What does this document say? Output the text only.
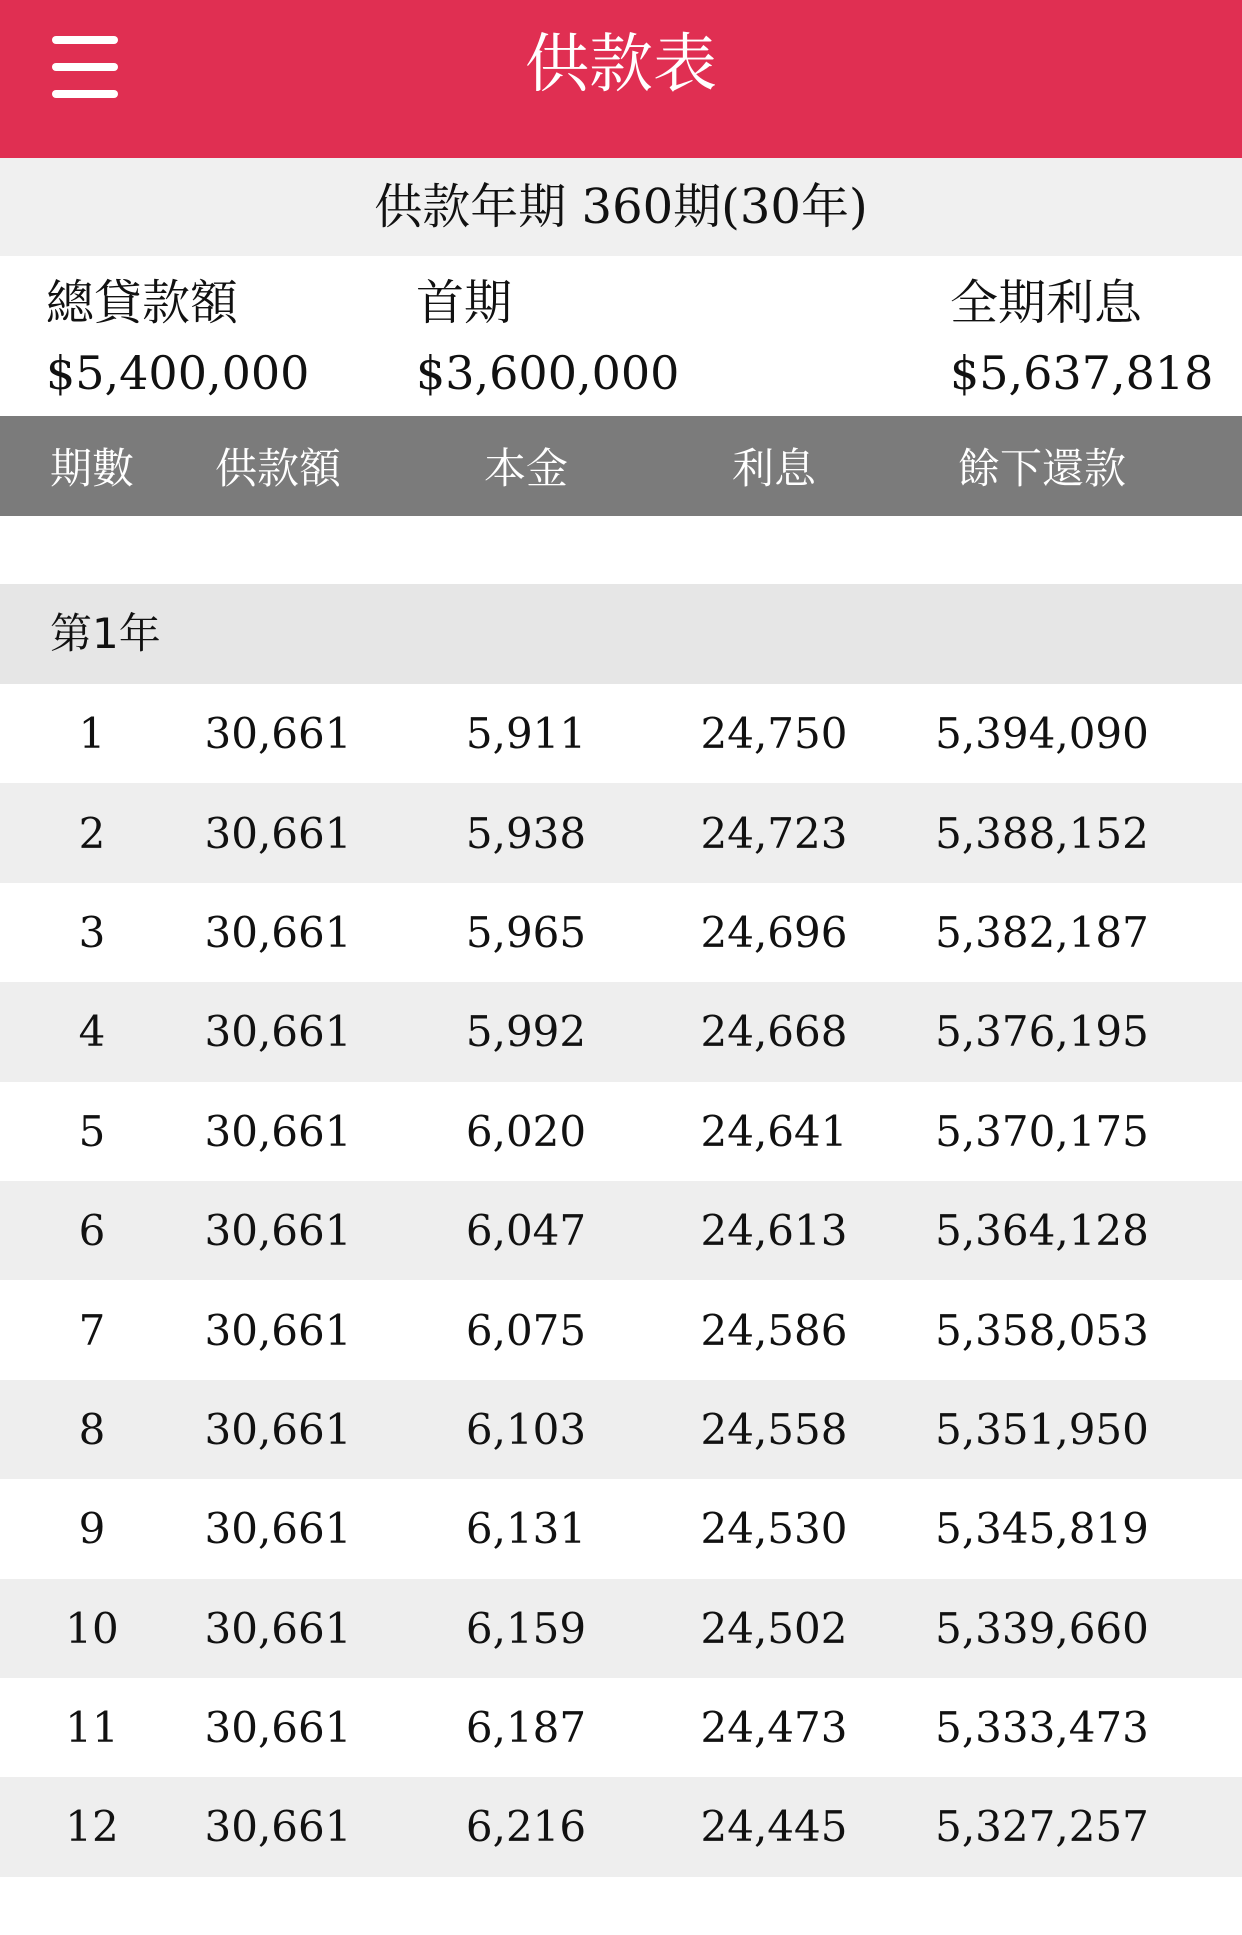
供款表
供款年期 360期(30年)
總貸款額
$5,400,000
首期
$3,600,000
全期利息
$5,637,818
期數	供款額	本金	利息	餘下還款
第1年
1	30,661	5,911	24,750	5,394,090
2	30,661	5,938	24,723	5,388,152
3	30,661	5,965	24,696	5,382,187
4	30,661	5,992	24,668	5,376,195
5	30,661	6,020	24,641	5,370,175
6	30,661	6,047	24,613	5,364,128
7	30,661	6,075	24,586	5,358,053
8	30,661	6,103	24,558	5,351,950
9	30,661	6,131	24,530	5,345,819
10	30,661	6,159	24,502	5,339,660
11	30,661	6,187	24,473	5,333,473
12	30,661	6,216	24,445	5,327,257
